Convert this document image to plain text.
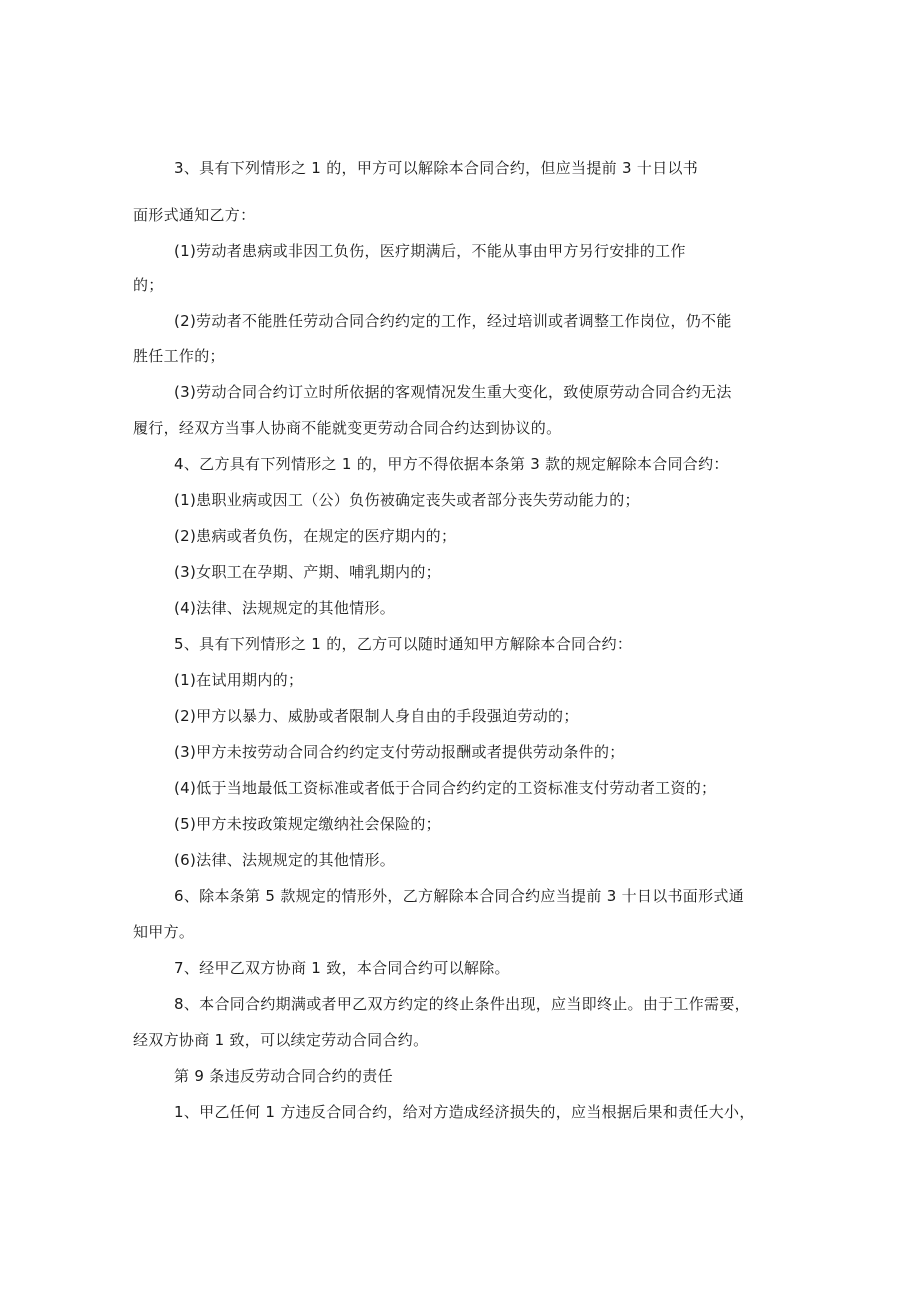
3、具有下列情形之 1 的，甲方可以解除本合同合约，但应当提前 3 十日以书
面形式通知乙方：
(1)劳动者患病或非因工负伤，医疗期满后，不能从事由甲方另行安排的工作
的；
(2)劳动者不能胜任劳动合同合约约定的工作，经过培训或者调整工作岗位，仍不能
胜任工作的；
(3)劳动合同合约订立时所依据的客观情况发生重大变化，致使原劳动合同合约无法
履行，经双方当事人协商不能就变更劳动合同合约达到协议的。
4、乙方具有下列情形之 1 的，甲方不得依据本条第 3 款的规定解除本合同合约：
(1)患职业病或因工（公）负伤被确定丧失或者部分丧失劳动能力的；
(2)患病或者负伤，在规定的医疗期内的；
(3)女职工在孕期、产期、哺乳期内的；
(4)法律、法规规定的其他情形。
5、具有下列情形之 1 的，乙方可以随时通知甲方解除本合同合约：
(1)在试用期内的；
(2)甲方以暴力、威胁或者限制人身自由的手段强迫劳动的；
(3)甲方未按劳动合同合约约定支付劳动报酬或者提供劳动条件的；
(4)低于当地最低工资标准或者低于合同合约约定的工资标准支付劳动者工资的；
(5)甲方未按政策规定缴纳社会保险的；
(6)法律、法规规定的其他情形。
6、除本条第 5 款规定的情形外，乙方解除本合同合约应当提前 3 十日以书面形式通
知甲方。
7、经甲乙双方协商 1 致，本合同合约可以解除。
8、本合同合约期满或者甲乙双方约定的终止条件出现，应当即终止。由于工作需要，
经双方协商 1 致，可以续定劳动合同合约。
第 9 条违反劳动合同合约的责任
1、甲乙任何 1 方违反合同合约，给对方造成经济损失的，应当根据后果和责任大小，
